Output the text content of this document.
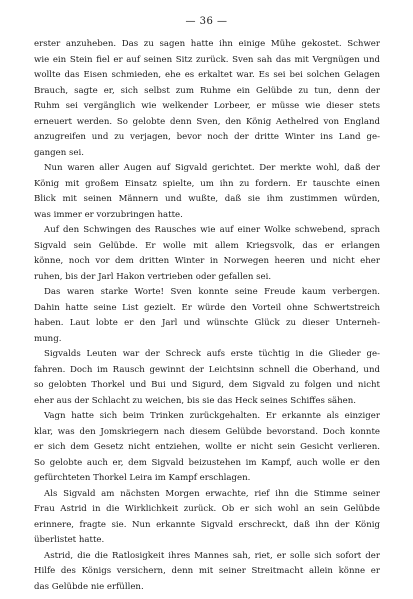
— 36 —
erster anzuheben. Das zu sagen hatte ihn einige Mühe gekostet. Schwer
wie ein Stein fiel er auf seinen Sitz zurück. Sven sah das mit Vergnügen und
wollte das Eisen schmieden, ehe es erkaltet war. Es sei bei solchen Gelagen
Brauch, sagte er, sich selbst zum Ruhme ein Gelübde zu tun, denn der
Ruhm sei vergänglich wie welkender Lorbeer, er müsse wie dieser stets
erneuert werden. So gelobte denn Sven, den König Aethelred von England
anzugreifen und zu verjagen, bevor noch der dritte Winter ins Land ge-
gangen sei.
Nun waren aller Augen auf Sigvald gerichtet. Der merkte wohl, daß der
König mit großem Einsatz spielte, um ihn zu fordern. Er tauschte einen
Blick mit seinen Männern und wußte, daß sie ihm zustimmen würden,
was immer er vorzubringen hatte.
Auf den Schwingen des Rausches wie auf einer Wolke schwebend, sprach
Sigvald sein Gelübde. Er wolle mit allem Kriegsvolk, das er erlangen
könne, noch vor dem dritten Winter in Norwegen heeren und nicht eher
ruhen, bis der Jarl Hakon vertrieben oder gefallen sei.
Das waren starke Worte! Sven konnte seine Freude kaum verbergen.
Dahin hatte seine List gezielt. Er würde den Vorteil ohne Schwertstreich
haben. Laut lobte er den Jarl und wünschte Glück zu dieser Unterneh-
mung.
Sigvalds Leuten war der Schreck aufs erste tüchtig in die Glieder ge-
fahren. Doch im Rausch gewinnt der Leichtsinn schnell die Oberhand, und
so gelobten Thorkel und Bui und Sigurd, dem Sigvald zu folgen und nicht
eher aus der Schlacht zu weichen, bis sie das Heck seines Schiffes sähen.
Vagn hatte sich beim Trinken zurückgehalten. Er erkannte als einziger
klar, was den Jomskriegern nach diesem Gelübde bevorstand. Doch konnte
er sich dem Gesetz nicht entziehen, wollte er nicht sein Gesicht verlieren.
So gelobte auch er, dem Sigvald beizustehen im Kampf, auch wolle er den
gefürchteten Thorkel Leira im Kampf erschlagen.
Als Sigvald am nächsten Morgen erwachte, rief ihn die Stimme seiner
Frau Astrid in die Wirklichkeit zurück. Ob er sich wohl an sein Gelübde
erinnere, fragte sie. Nun erkannte Sigvald erschreckt, daß ihn der König
überlistet hatte.
Astrid, die die Ratlosigkeit ihres Mannes sah, riet, er solle sich sofort der
Hilfe des Königs versichern, denn mit seiner Streitmacht allein könne er
das Gelübde nie erfüllen.
